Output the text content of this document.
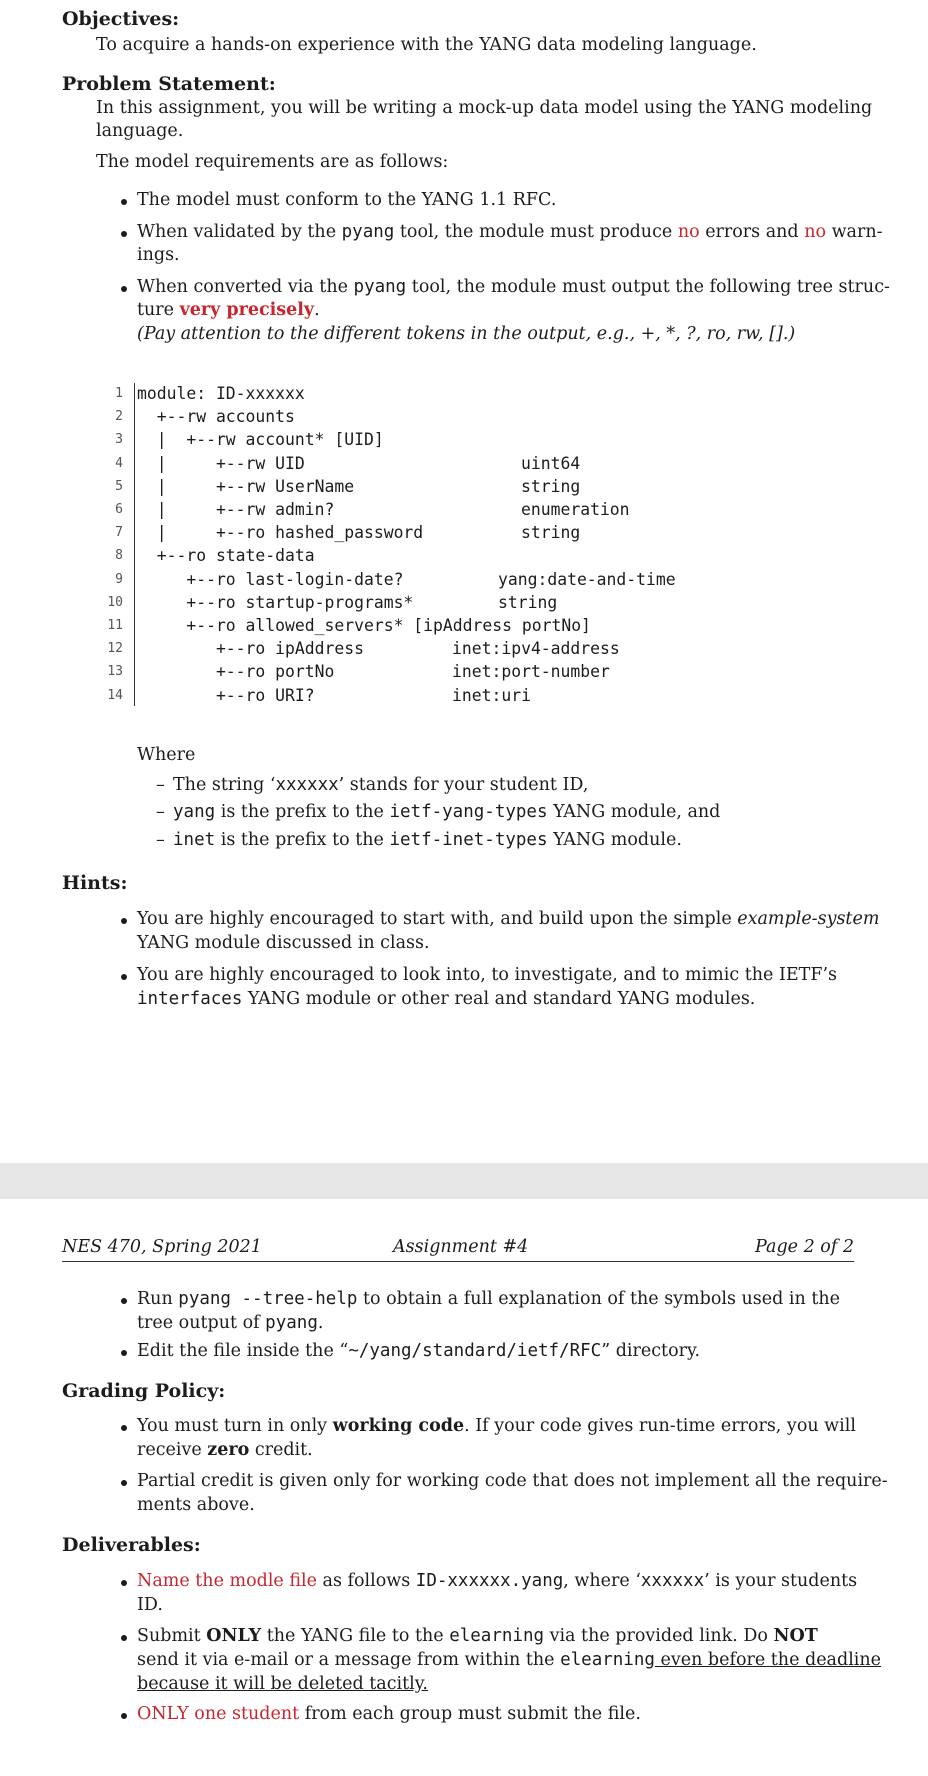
Objectives:
To acquire a hands-on experience with the YANG data modeling language.
Problem Statement:
In this assignment, you will be writing a mock-up data model using the YANG modeling
language.
The model requirements are as follows:
The model must conform to the YANG 1.1 RFC.
When validated by the pyang tool, the module must produce no errors and no warn-
ings.
When converted via the pyang tool, the module must output the following tree struc-
ture very precisely.
(Pay attention to the different tokens in the output, e.g., +, *, ?, ro, rw, [].)
1 module: ID-xxxxxx
2 +--rw accounts
3 |  +--rw account* [UID]
4 |     +--rw UID	uint64
5 |     +--rw UserName	string
6 |     +--rw admin?	enumeration
7 |     +--ro hashed_password	string
8 +--ro state-data
9 +--ro last-login-date?	yang:date-and-time
10 +--ro startup-programs*	string
11 +--ro allowed_servers* [ipAddress portNo]
12 +--ro ipAddress	inet:ipv4-address
13 +--ro portNo	inet:port-number
14 +--ro URI?	inet:uri
Where
– The string ‘xxxxxx’ stands for your student ID,
– yang is the prefix to the ietf-yang-types YANG module, and
– inet is the prefix to the ietf-inet-types YANG module.
Hints:
You are highly encouraged to start with, and build upon the simple example-system
YANG module discussed in class.
You are highly encouraged to look into, to investigate, and to mimic the IETF’s
interfaces YANG module or other real and standard YANG modules.
NES 470, Spring 2021	Assignment #4	Page 2 of 2
Run pyang --tree-help to obtain a full explanation of the symbols used in the
tree output of pyang.
Edit the file inside the “~/yang/standard/ietf/RFC” directory.
Grading Policy:
You must turn in only working code. If your code gives run-time errors, you will
receive zero credit.
Partial credit is given only for working code that does not implement all the require-
ments above.
Deliverables:
Name the modle file as follows ID-xxxxxx.yang, where ‘xxxxxx’ is your students
ID.
Submit ONLY the YANG file to the elearning via the provided link. Do NOT
send it via e-mail or a message from within the elearning even before the deadline
because it will be deleted tacitly.
ONLY one student from each group must submit the file.
